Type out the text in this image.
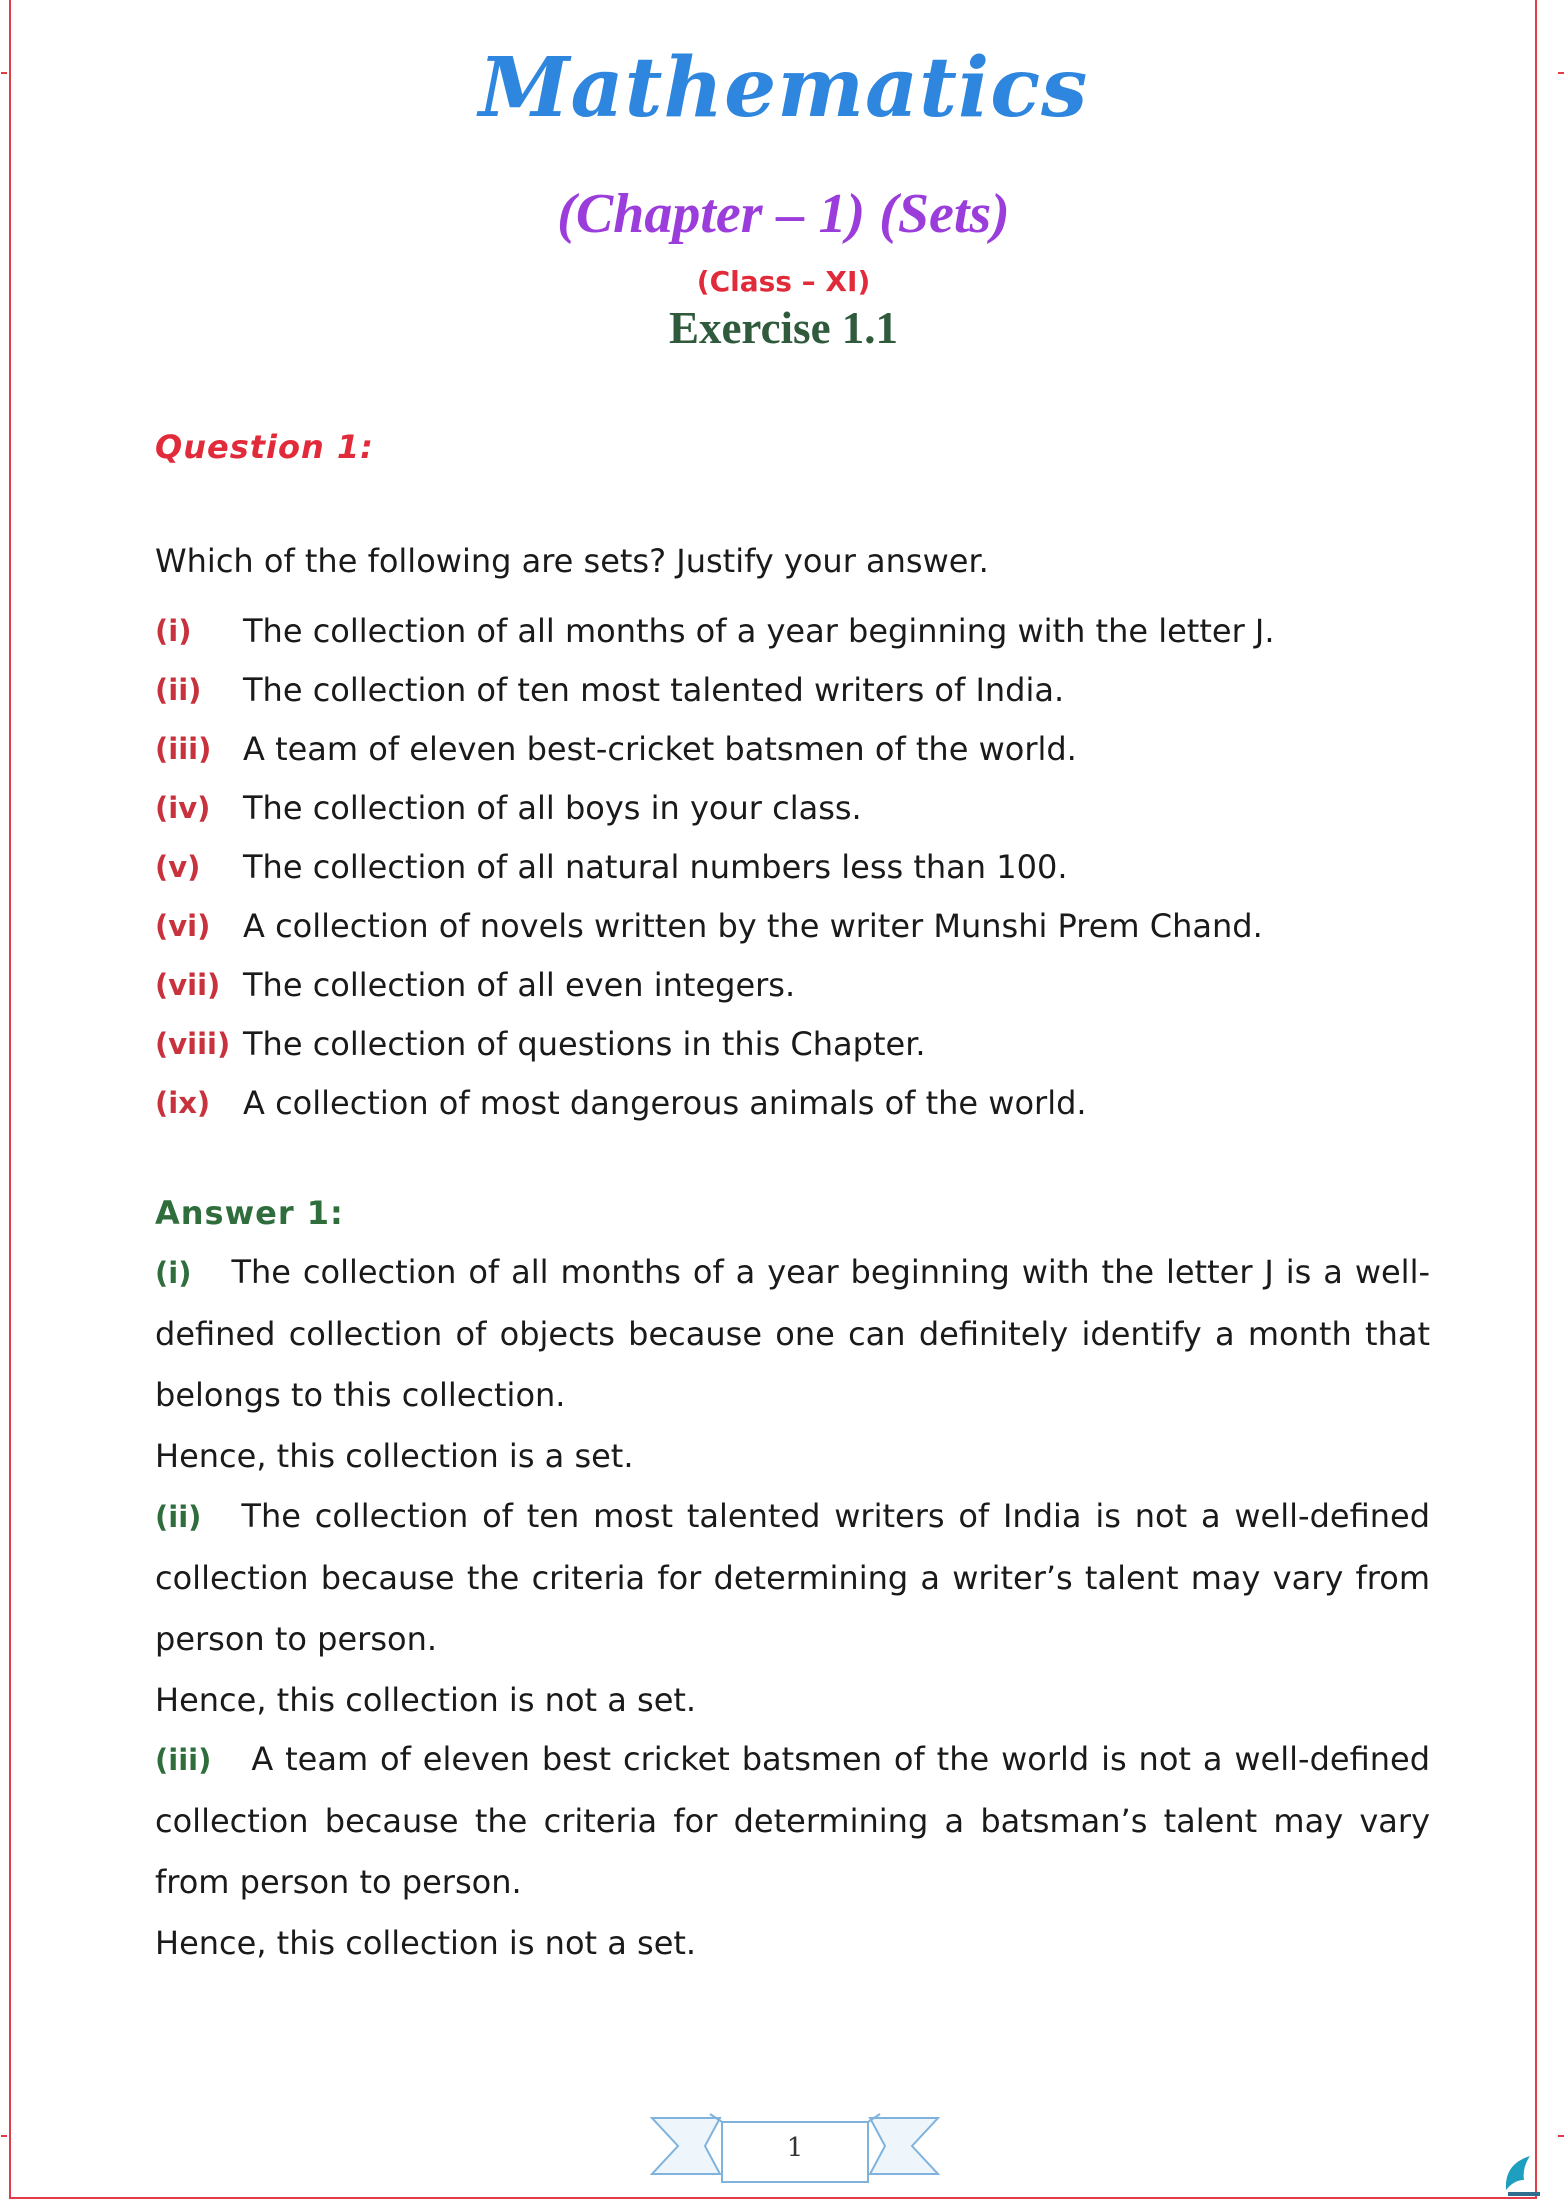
Mathematics
(Chapter – 1) (Sets)
(Class – XI)
Exercise 1.1
Question 1:
Which of the following are sets? Justify your answer.
(i)	The collection of all months of a year beginning with the letter J.
(ii)	The collection of ten most talented writers of India.
(iii) A team of eleven best-cricket batsmen of the world.
(iv)	The collection of all boys in your class.
(v)	The collection of all natural numbers less than 100.
(vi)	A collection of novels written by the writer Munshi Prem Chand.
(vii) The collection of all even integers.
(viii) The collection of questions in this Chapter.
(ix)	A collection of most dangerous animals of the world.
Answer 1:

(i) The collection of all months of a year beginning with the letter J is a well-defined collection of objects because one can definitely identify a month that belongs to this collection.

Hence, this collection is a set.

(ii) The collection of ten most talented writers of India is not a well-defined collection because the criteria for determining a writer’s talent may vary from person to person.

Hence, this collection is not a set.

(iii) A team of eleven best cricket batsmen of the world is not a well-defined collection because the criteria for determining a batsman’s talent may vary from person to person.

Hence, this collection is not a set.

1
